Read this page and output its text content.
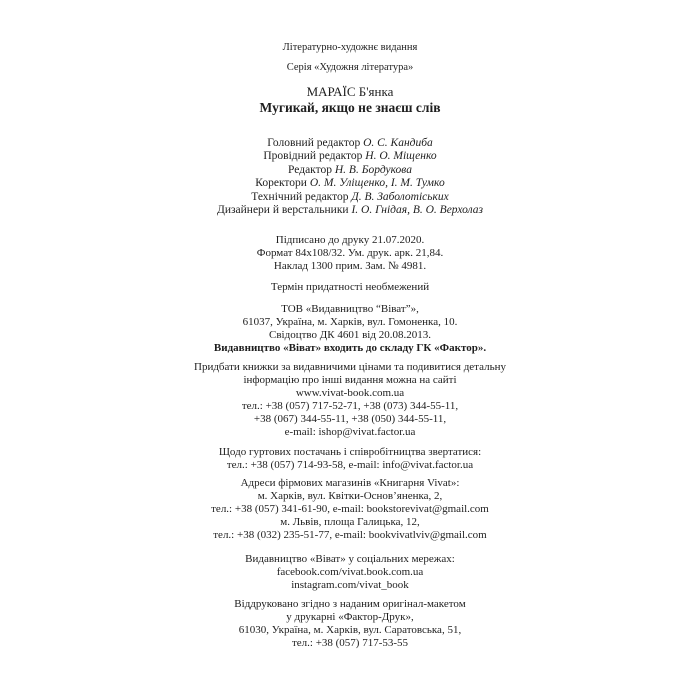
Літературно-художнє видання
Серія «Художня література»
МАРАЇС Б'янка
Мугикай, якщо не знаєш слів
Головний редактор О. С. Кандиба
Провідний редактор Н. О. Міщенко
Редактор Н. В. Бордукова
Коректори О. М. Уліщенко, І. М. Тумко
Технічний редактор Д. В. Заболотіських
Дизайнери й верстальники І. О. Гнідая, В. О. Верхолаз
Підписано до друку 21.07.2020.
Формат 84х108/32. Ум. друк. арк. 21,84.
Наклад 1300 прим. Зам. № 4981.
Термін придатності необмежений
ТОВ «Видавництво “Віват”»,
61037, Україна, м. Харків, вул. Гомоненка, 10.
Свідоцтво ДК 4601 від 20.08.2013.
Видавництво «Віват» входить до складу ГК «Фактор».
Придбати книжки за видавничими цінами та подивитися детальну
інформацію про інші видання можна на сайті
www.vivat-book.com.ua
тел.: +38 (057) 717-52-71, +38 (073) 344-55-11,
+38 (067) 344-55-11, +38 (050) 344-55-11,
e-mail: ishop@vivat.factor.ua
Щодо гуртових постачань і співробітництва звертатися:
тел.: +38 (057) 714-93-58, e-mail: info@vivat.factor.ua
Адреси фірмових магазинів «Книгарня Vivat»:
м. Харків, вул. Квітки-Основ’яненка, 2,
тел.: +38 (057) 341-61-90, e-mail: bookstorevivat@gmail.com
м. Львів, площа Галицька, 12,
тел.: +38 (032) 235-51-77, e-mail: bookvivatlviv@gmail.com
Видавництво «Віват» у соціальних мережах:
facebook.com/vivat.book.com.ua
instagram.com/vivat_book
Віддруковано згідно з наданим оригінал-макетом
у друкарні «Фактор-Друк»,
61030, Україна, м. Харків, вул. Саратовська, 51,
тел.: +38 (057) 717-53-55
